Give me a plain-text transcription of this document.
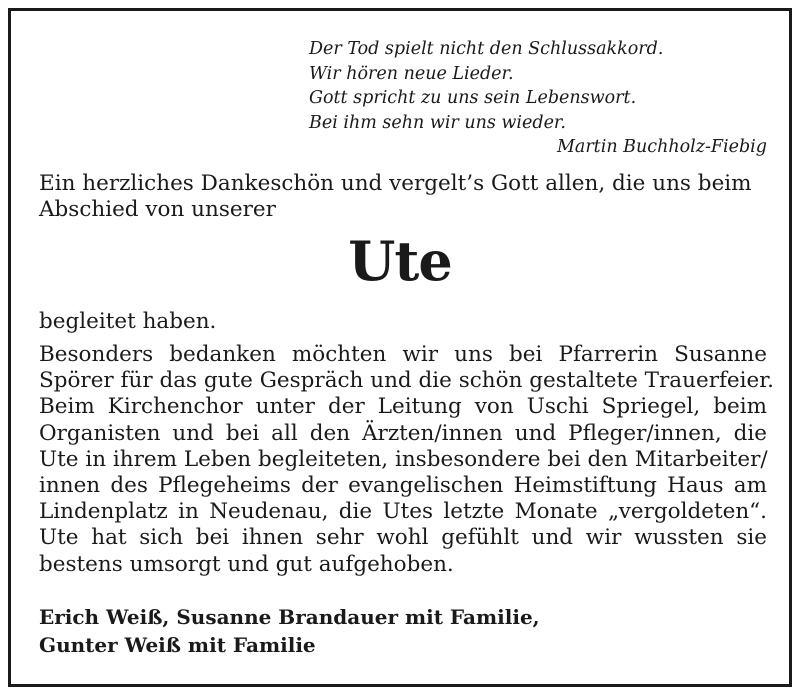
Der Tod spielt nicht den Schlussakkord.
Wir hören neue Lieder.
Gott spricht zu uns sein Lebenswort.
Bei ihm sehn wir uns wieder.
Martin Buchholz-Fiebig
Ein herzliches Dankeschön und vergelt’s Gott allen, die uns beim Abschied von unserer
Ute
begleitet haben.
Besonders bedanken möchten wir uns bei Pfarrerin Susanne
Spörer für das gute Gespräch und die schön gestaltete Trauerfeier.
Beim Kirchenchor unter der Leitung von Uschi Spriegel, beim
Organisten und bei all den Ärzten/innen und Pfleger/innen, die
Ute in ihrem Leben begleiteten, insbesondere bei den Mitarbeiter/
innen des Pflegeheims der evangelischen Heimstiftung Haus am
Lindenplatz in Neudenau, die Utes letzte Monate „vergoldeten“.
Ute hat sich bei ihnen sehr wohl gefühlt und wir wussten sie
bestens umsorgt und gut aufgehoben.
Erich Weiß, Susanne Brandauer mit Familie,
Gunter Weiß mit Familie
